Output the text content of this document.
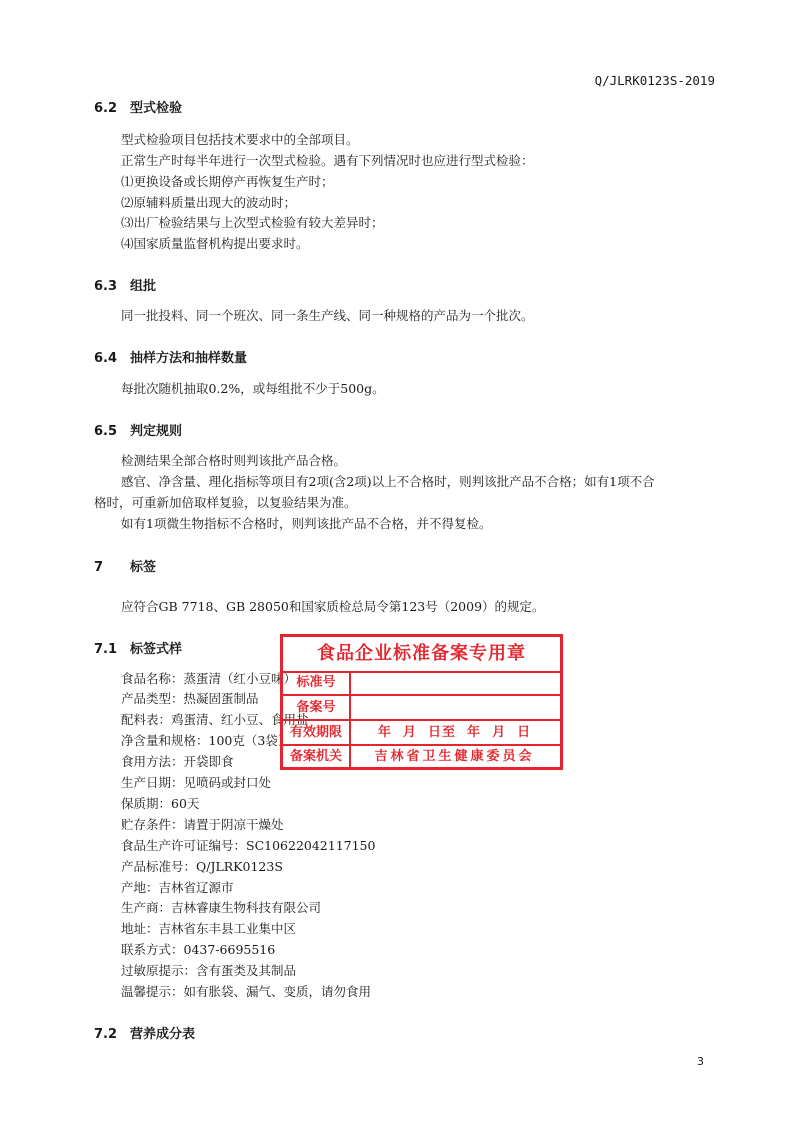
Q/JLRK0123S-2019
6.2 型式检验
型式检验项目包括技术要求中的全部项目。
正常生产时每半年进行一次型式检验。遇有下列情况时也应进行型式检验：
⑴更换设备或长期停产再恢复生产时；
⑵原辅料质量出现大的波动时；
⑶出厂检验结果与上次型式检验有较大差异时；
⑷国家质量监督机构提出要求时。
6.3 组批
同一批投料、同一个班次、同一条生产线、同一种规格的产品为一个批次。
6.4 抽样方法和抽样数量
每批次随机抽取0.2%，或每组批不少于500g。
6.5 判定规则
检测结果全部合格时则判该批产品合格。
感官、净含量、理化指标等项目有2项(含2项)以上不合格时，则判该批产品不合格；如有1项不合
格时，可重新加倍取样复验，以复验结果为准。
如有1项微生物指标不合格时，则判该批产品不合格，并不得复检。
7 标签
应符合GB 7718、GB 28050和国家质检总局令第123号（2009）的规定。
7.1 标签式样
食品名称：蒸蛋清（红小豆味）
产品类型：热凝固蛋制品
配料表：鸡蛋清、红小豆、食用盐
净含量和规格：100克（3袋）
食用方法：开袋即食
生产日期：见喷码或封口处
保质期：60天
贮存条件：请置于阴凉干燥处
食品生产许可证编号：SC10622042117150
产品标准号：Q/JLRK0123S
产地：吉林省辽源市
生产商：吉林睿康生物科技有限公司
地址：吉林省东丰县工业集中区
联系方式：0437-6695516
过敏原提示：含有蛋类及其制品
温馨提示：如有胀袋、漏气、变质，请勿食用
7.2 营养成分表
食品企业标准备案专用章
标准号
备案号
有效期限	年  月  日至  年  月  日
备案机关	吉林省卫生健康委员会
3
